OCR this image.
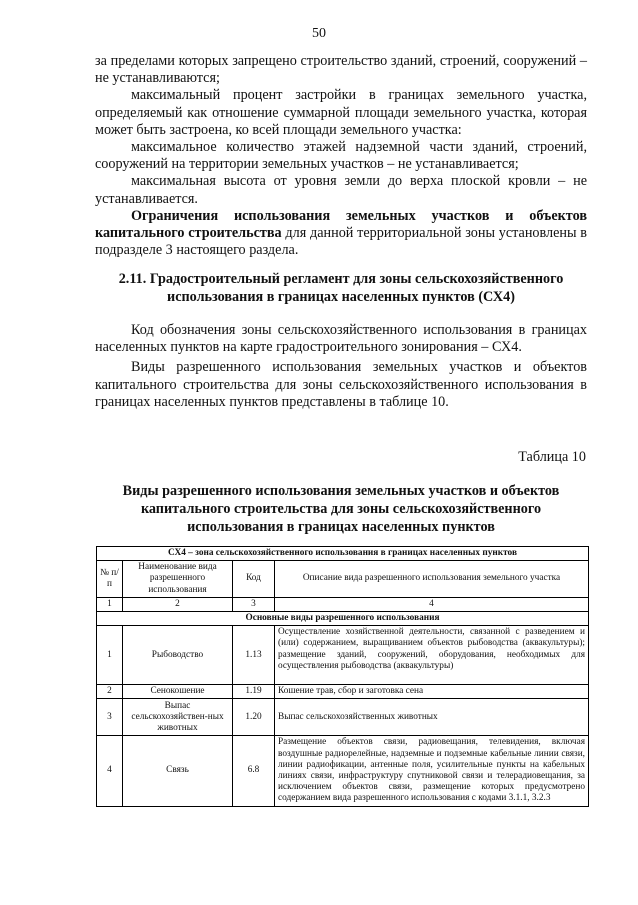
50

за пределами которых запрещено строительство зданий, строений, сооружений – не устанавливаются;

максимальный процент застройки в границах земельного участка, определяемый как отношение суммарной площади земельного участка, которая может быть застроена, ко всей площади земельного участка:

максимальное количество этажей надземной части зданий, строений, сооружений на территории земельных участков – не устанавливается;

максимальная высота от уровня земли до верха плоской кровли – не устанавливается.

Ограничения использования земельных участков и объектов капитального строительства для данной территориальной зоны установлены в подразделе 3 настоящего раздела.

2.11. Градостроительный регламент для зоны сельскохозяйственного использования в границах населенных пунктов (СХ4)

Код обозначения зоны сельскохозяйственного использования в границах населенных пунктов на карте градостроительного зонирования – СХ4.

Виды разрешенного использования земельных участков и объектов капитального строительства для зоны сельскохозяйственного использования в границах населенных пунктов представлены в таблице 10.

Таблица 10
Виды разрешенного использования земельных участков и объектов капитального строительства для зоны сельскохозяйственного использования в границах населенных пунктов
СХ4 – зона сельскохозяйственного использования в границах населенных пунктов			
№ п/п	Наименование вида разрешенного использования	Код	Описание вида разрешенного использования земельного участка
1	2	3	4
Основные виды разрешенного использования			
1	Рыбоводство	1.13	Осуществление хозяйственной деятельности, связанной с разведением и (или) содержанием, выращиванием объектов рыбоводства (аквакультуры); размещение зданий, сооружений, оборудования, необходимых для осуществления рыбоводства (аквакультуры)
2	Сенокошение	1.19	Кошение трав, сбор и заготовка сена
3	Выпас сельскохозяйствен-ных животных	1.20	Выпас сельскохозяйственных животных
4	Связь	6.8	Размещение объектов связи, радиовещания, телевидения, включая воздушные радиорелейные, надземные и подземные кабельные линии связи, линии радиофикации, антенные поля, усилительные пункты на кабельных линиях связи, инфраструктуру спутниковой связи и телерадиовещания, за исключением объектов связи, размещение которых предусмотрено содержанием вида разрешенного использования с кодами 3.1.1, 3.2.3
